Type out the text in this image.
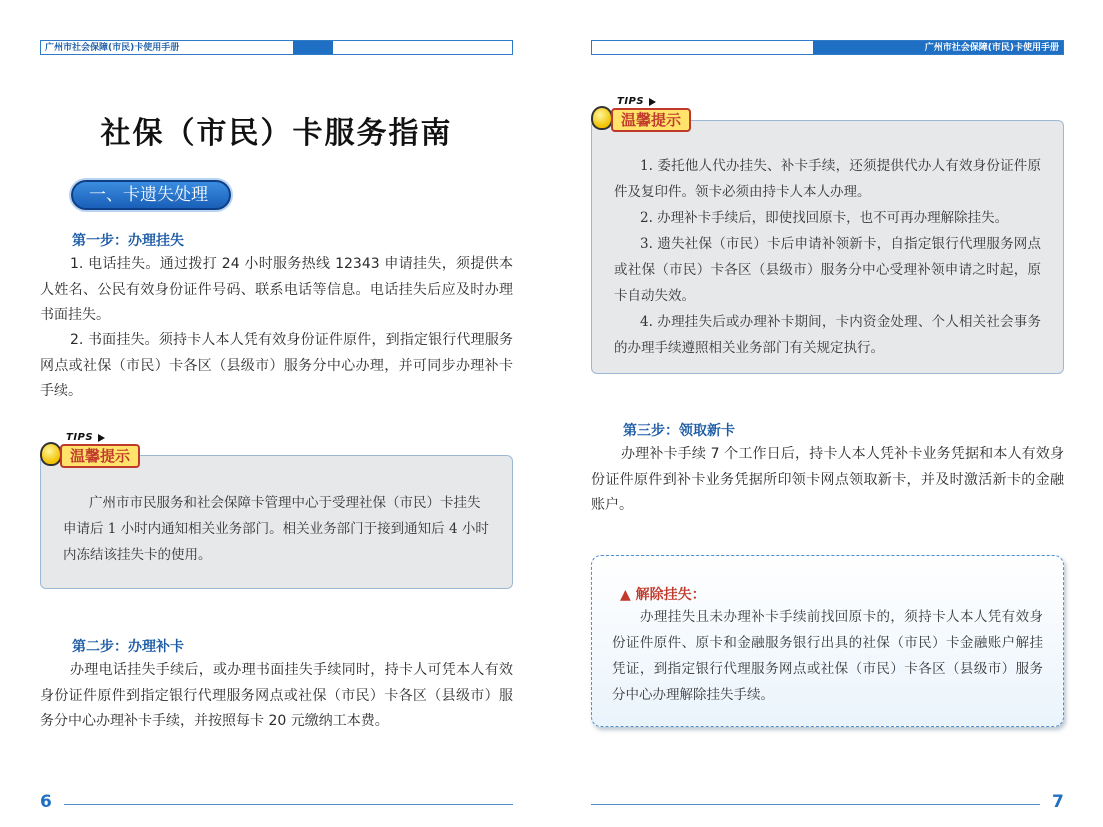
广州市社会保障(市民)卡使用手册	广州市社会保障(市民)卡使用手册
社保（市民）卡服务指南
一、卡遗失处理
第一步：办理挂失
1. 电话挂失。通过拨打 24 小时服务热线 12343 申请挂失，须提供本人姓名、公民有效身份证件号码、联系电话等信息。电话挂失后应及时办理书面挂失。
2. 书面挂失。须持卡人本人凭有效身份证件原件，到指定银行代理服务网点或社保（市民）卡各区（县级市）服务分中心办理，并可同步办理补卡手续。
广州市市民服务和社会保障卡管理中心于受理社保（市民）卡挂失申请后 1 小时内通知相关业务部门。相关业务部门于接到通知后 4 小时内冻结该挂失卡的使用。
TIPS
温馨提示
第二步：办理补卡
办理电话挂失手续后，或办理书面挂失手续同时，持卡人可凭本人有效身份证件原件到指定银行代理服务网点或社保（市民）卡各区（县级市）服务分中心办理补卡手续，并按照每卡 20 元缴纳工本费。
6
1. 委托他人代办挂失、补卡手续，还须提供代办人有效身份证件原件及复印件。领卡必须由持卡人本人办理。
2. 办理补卡手续后，即使找回原卡，也不可再办理解除挂失。
3. 遗失社保（市民）卡后申请补领新卡，自指定银行代理服务网点或社保（市民）卡各区（县级市）服务分中心受理补领申请之时起，原卡自动失效。
4. 办理挂失后或办理补卡期间，卡内资金处理、个人相关社会事务的办理手续遵照相关业务部门有关规定执行。
TIPS
温馨提示
第三步：领取新卡
办理补卡手续 7 个工作日后，持卡人本人凭补卡业务凭据和本人有效身份证件原件到补卡业务凭据所印领卡网点领取新卡，并及时激活新卡的金融账户。
▲ 解除挂失：
办理挂失且未办理补卡手续前找回原卡的，须持卡人本人凭有效身份证件原件、原卡和金融服务银行出具的社保（市民）卡金融账户解挂凭证，到指定银行代理服务网点或社保（市民）卡各区（县级市）服务分中心办理解除挂失手续。
7
